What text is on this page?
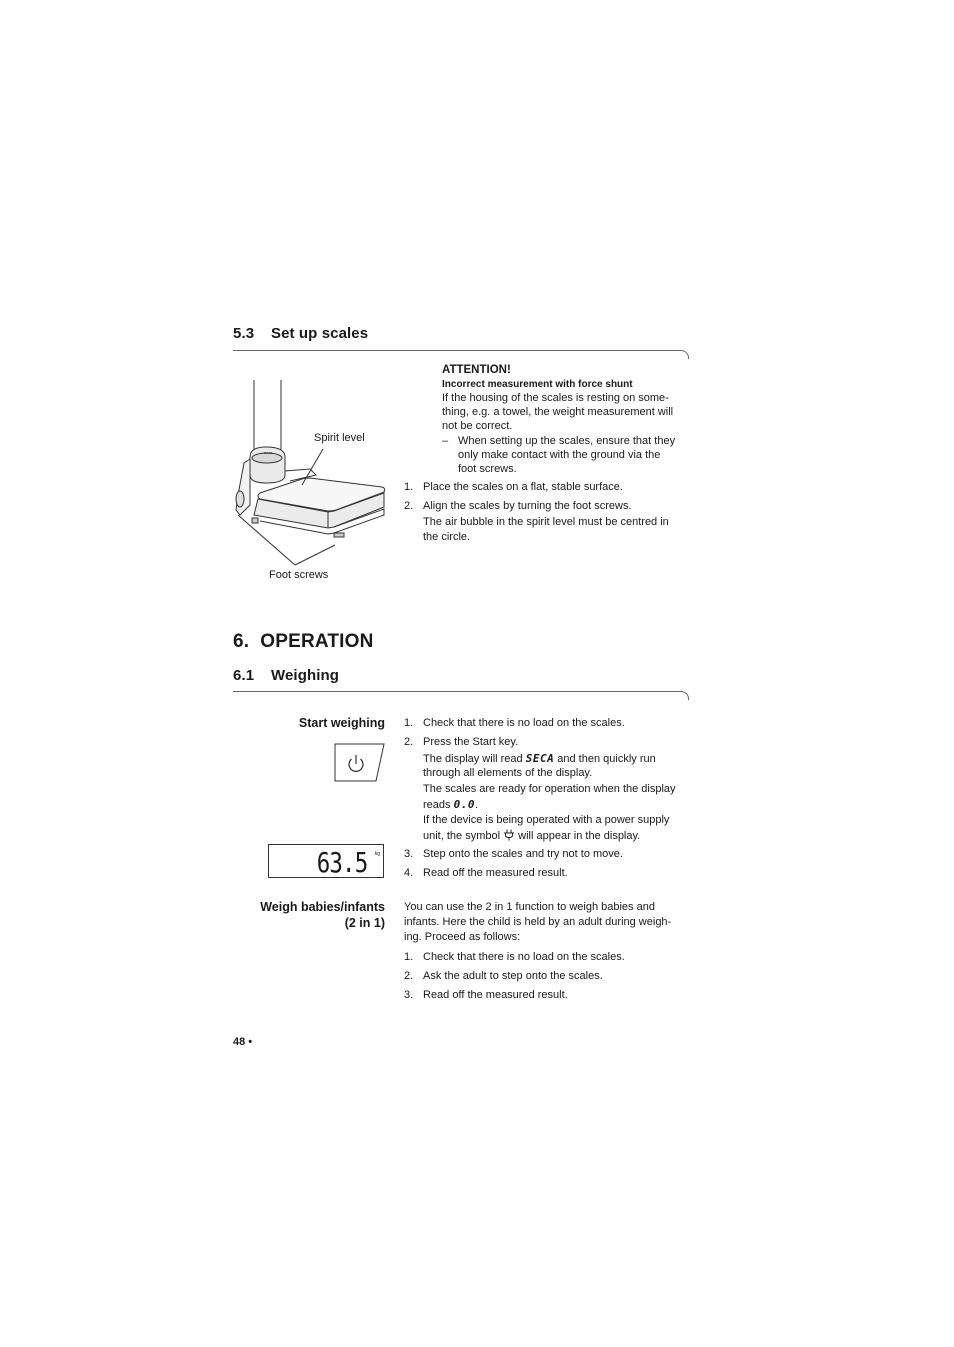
5.3 Set up scales
seca
Spirit level
Foot screws
ATTENTION!
Incorrect measurement with force shunt
If the housing of the scales is resting on some-
thing, e.g. a towel, the weight measurement will
not be correct.
– When setting up the scales, ensure that they
only make contact with the ground via the
foot screws.
1. Place the scales on a flat, stable surface.
2. Align the scales by turning the foot screws.
The air bubble in the spirit level must be centred in
the circle.
6. OPERATION
6.1 Weighing
Start weighing
63.5 kg
1. Check that there is no load on the scales.
2. Press the Start key.
The display will read SECA and then quickly run
through all elements of the display.
The scales are ready for operation when the display
reads 0.0.
If the device is being operated with a power supply
unit, the symbol  will appear in the display.
3. Step onto the scales and try not to move.
4. Read off the measured result.
Weigh babies/infants
(2 in 1)
You can use the 2 in 1 function to weigh babies and
infants. Here the child is held by an adult during weigh-
ing. Proceed as follows:
1. Check that there is no load on the scales.
2. Ask the adult to step onto the scales.
3. Read off the measured result.
48 •
